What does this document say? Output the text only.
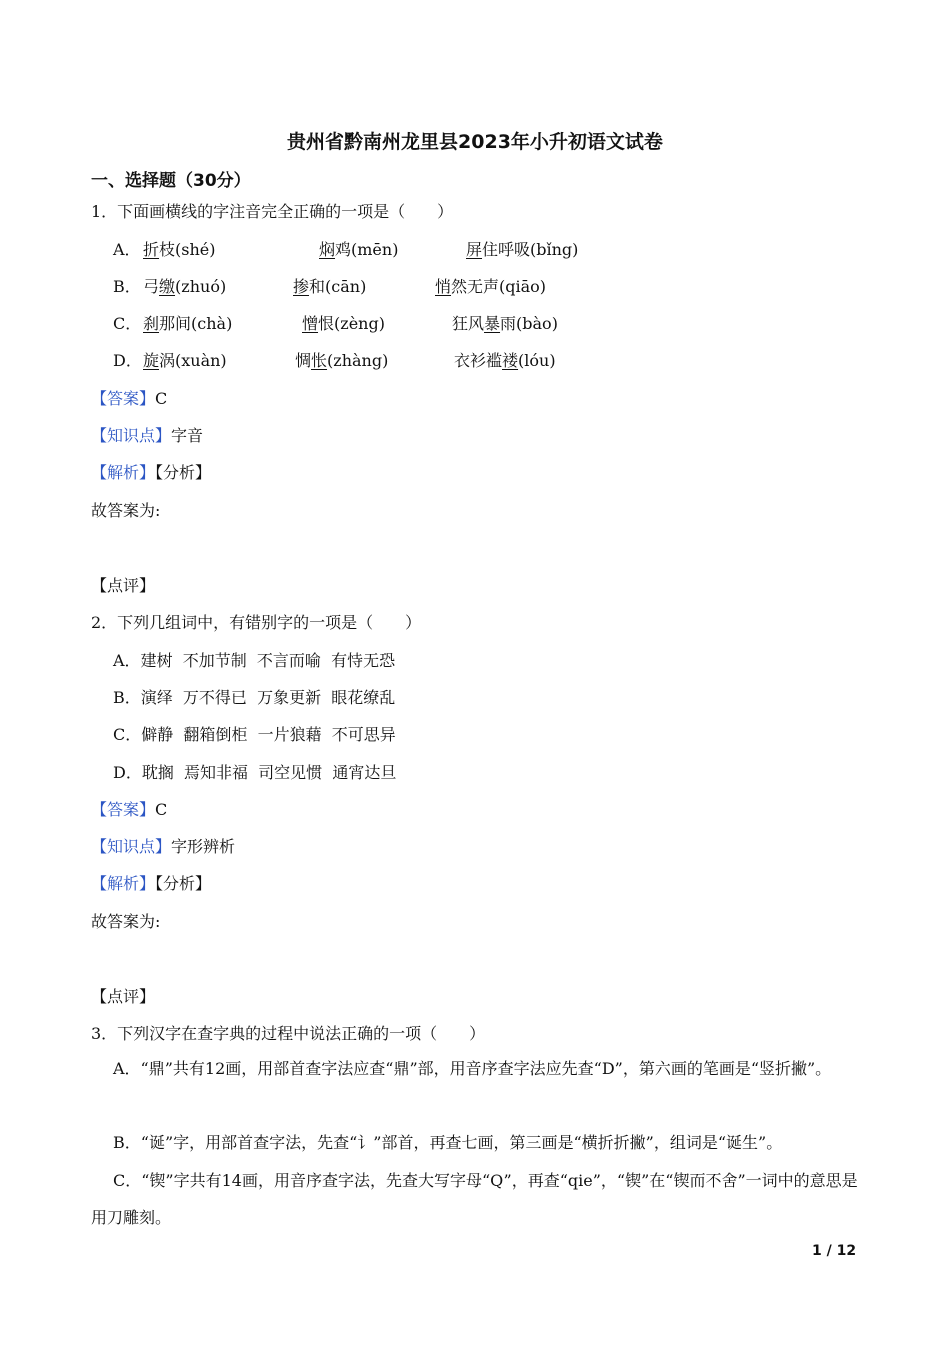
贵州省黔南州龙里县2023年小升初语文试卷
一、选择题（30分）
1．下面画横线的字注音完全正确的一项是（　　）
A． 折枝(shé)	焖鸡(mēn)	屏住呼吸(bǐng)
B． 弓缴(zhuó)	掺和(cān)	悄然无声(qiāo)
C． 刹那间(chà)	憎恨(zèng)	狂风暴雨(bào)
D． 旋涡(xuàn)	惆怅(zhàng)	衣衫褴褛(lóu)
【答案】C
【知识点】字音
【解析】【分析】
故答案为:
【点评】
2．下列几组词中，有错别字的一项是（　　）
A．建树  不加节制  不言而喻  有恃无恐
B．演绎  万不得已  万象更新  眼花缭乱
C．僻静  翻箱倒柜  一片狼藉  不可思异
D．耽搁  焉知非福  司空见惯  通宵达旦
【答案】C
【知识点】字形辨析
【解析】【分析】
故答案为:
【点评】
3．下列汉字在查字典的过程中说法正确的一项（　　）
A．“鼎”共有12画，用部首查字法应查“鼎”部，用音序查字法应先查“D”，第六画的笔画是“竖折撇”。
B．“诞”字，用部首查字法，先查“讠”部首，再查七画，第三画是“横折折撇”，组词是“诞生”。
C．“锲”字共有14画，用音序查字法，先查大写字母“Q”，再查“qie”，“锲”在“锲而不舍”一词中的意思是用刀雕刻。
1 / 12
